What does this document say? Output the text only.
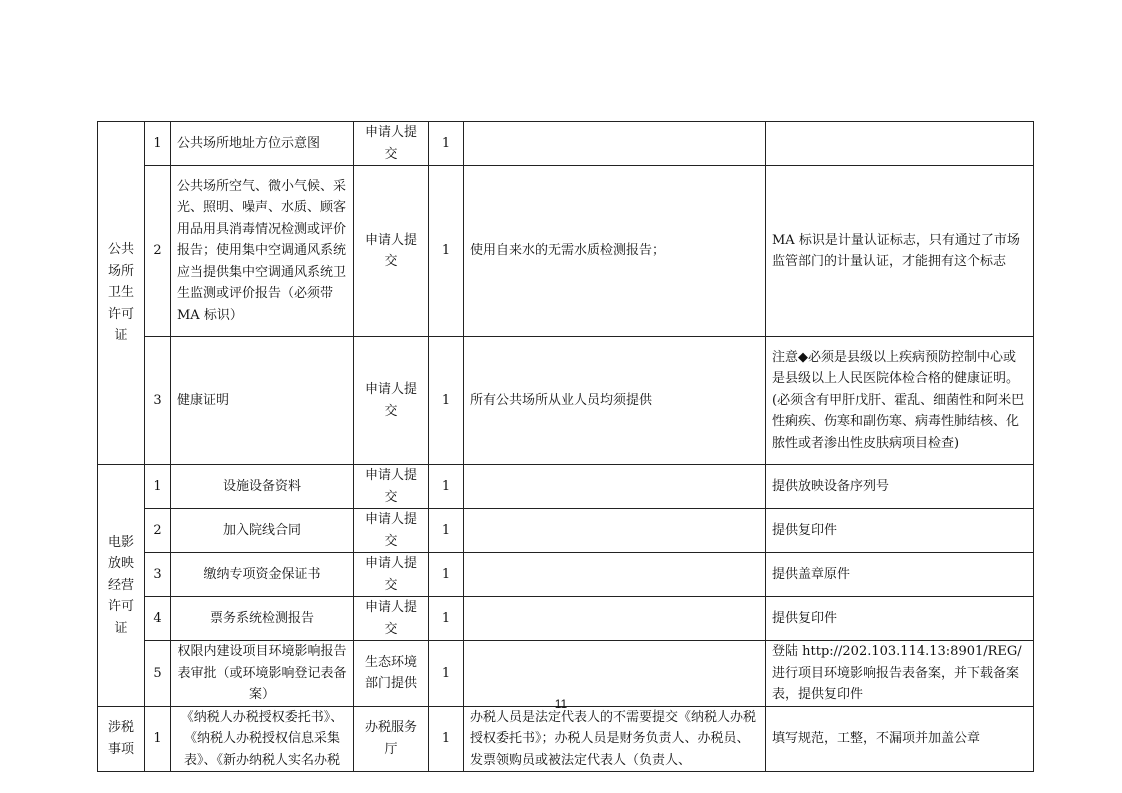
公共场所卫生许可证	1	公共场所地址方位示意图	申请人提交	1		
	2	公共场所空气、微小气候、采光、照明、噪声、水质、顾客用品用具消毒情况检测或评价报告；使用集中空调通风系统应当提供集中空调通风系统卫生监测或评价报告（必须带 MA 标识）	申请人提交	1	使用自来水的无需水质检测报告；	MA 标识是计量认证标志，只有通过了市场监管部门的计量认证，才能拥有这个标志
	3	健康证明	申请人提交	1	所有公共场所从业人员均须提供	注意◆必须是县级以上疾病预防控制中心或是县级以上人民医院体检合格的健康证明。(必须含有甲肝戊肝、霍乱、细菌性和阿米巴性痢疾、伤寒和副伤寒、病毒性肺结核、化脓性或者渗出性皮肤病项目检查)
电影放映经营许可证	1	设施设备资料	申请人提交	1		提供放映设备序列号
	2	加入院线合同	申请人提交	1		提供复印件
	3	缴纳专项资金保证书	申请人提交	1		提供盖章原件
	4	票务系统检测报告	申请人提交	1		提供复印件
	5	权限内建设项目环境影响报告表审批（或环境影响登记表备案）	生态环境部门提供	1		登陆 http://202.103.114.13:8901/REG/进行项目环境影响报告表备案，并下载备案表，提供复印件
涉税事项	1	《纳税人办税授权委托书》、《纳税人办税授权信息采集表》、《新办纳税人实名办税	办税服务厅	1	办税人员是法定代表人的不需要提交《纳税人办税授权委托书》；办税人员是财务负责人、办税员、发票领购员或被法定代表人（负责人、	填写规范，工整，不漏项并加盖公章
11
